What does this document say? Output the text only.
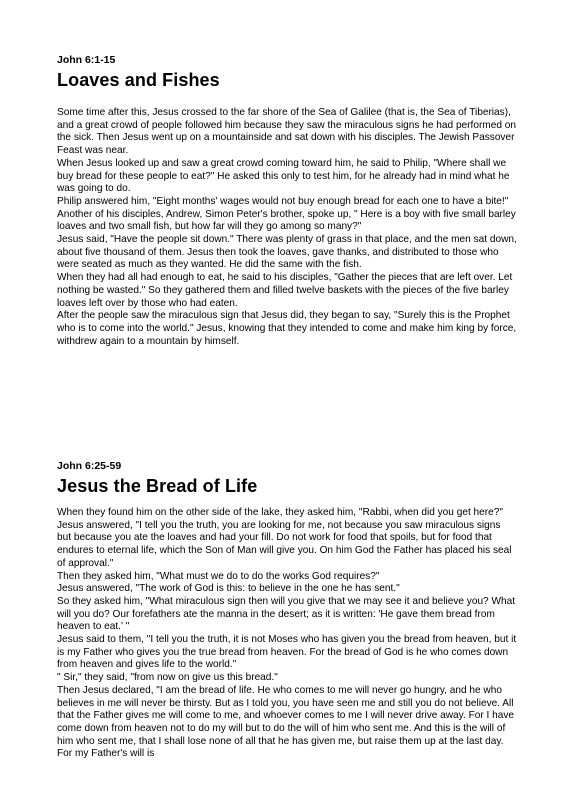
John 6:1-15
Loaves and Fishes

Some time after this, Jesus crossed to the far shore of the Sea of Galilee (that is, the Sea of Tiberias), and a great crowd of people followed him because they saw the miraculous signs he had performed on the sick. Then Jesus went up on a mountainside and sat down with his disciples. The Jewish Passover Feast was near.

When Jesus looked up and saw a great crowd coming toward him, he said to Philip, "Where shall we buy bread for these people to eat?" He asked this only to test him, for he already had in mind what he was going to do.

Philip answered him, "Eight months' wages would not buy enough bread for each one to have a bite!"

Another of his disciples, Andrew, Simon Peter's brother, spoke up, " Here is a boy with five small barley loaves and two small fish, but how far will they go among so many?"

Jesus said, "Have the people sit down." There was plenty of grass in that place, and the men sat down, about five thousand of them. Jesus then took the loaves, gave thanks, and distributed to those who were seated as much as they wanted. He did the same with the fish.

When they had all had enough to eat, he said to his disciples, "Gather the pieces that are left over. Let nothing be wasted." So they gathered them and filled twelve baskets with the pieces of the five barley loaves left over by those who had eaten.

After the people saw the miraculous sign that Jesus did, they began to say, "Surely this is the Prophet who is to come into the world." Jesus, knowing that they intended to come and make him king by force, withdrew again to a mountain by himself.

John 6:25-59
Jesus the Bread of Life

When they found him on the other side of the lake, they asked him, "Rabbi, when did you get here?"

Jesus answered, "I tell you the truth, you are looking for me, not because you saw miraculous signs but because you ate the loaves and had your fill. Do not work for food that spoils, but for food that endures to eternal life, which the Son of Man will give you. On him God the Father has placed his seal of approval."

Then they asked him, "What must we do to do the works God requires?"

Jesus answered, "The work of God is this: to believe in the one he has sent."

So they asked him, "What miraculous sign then will you give that we may see it and believe you? What will you do? Our forefathers ate the manna in the desert; as it is written: 'He gave them bread from heaven to eat.' "

Jesus said to them, "I tell you the truth, it is not Moses who has given you the bread from heaven, but it is my Father who gives you the true bread from heaven. For the bread of God is he who comes down from heaven and gives life to the world."

" Sir," they said, "from now on give us this bread."

Then Jesus declared, "I am the bread of life. He who comes to me will never go hungry, and he who believes in me will never be thirsty. But as I told you, you have seen me and still you do not believe. All that the Father gives me will come to me, and whoever comes to me I will never drive away. For I have come down from heaven not to do my will but to do the will of him who sent me. And this is the will of him who sent me, that I shall lose none of all that he has given me, but raise them up at the last day. For my Father's will is
